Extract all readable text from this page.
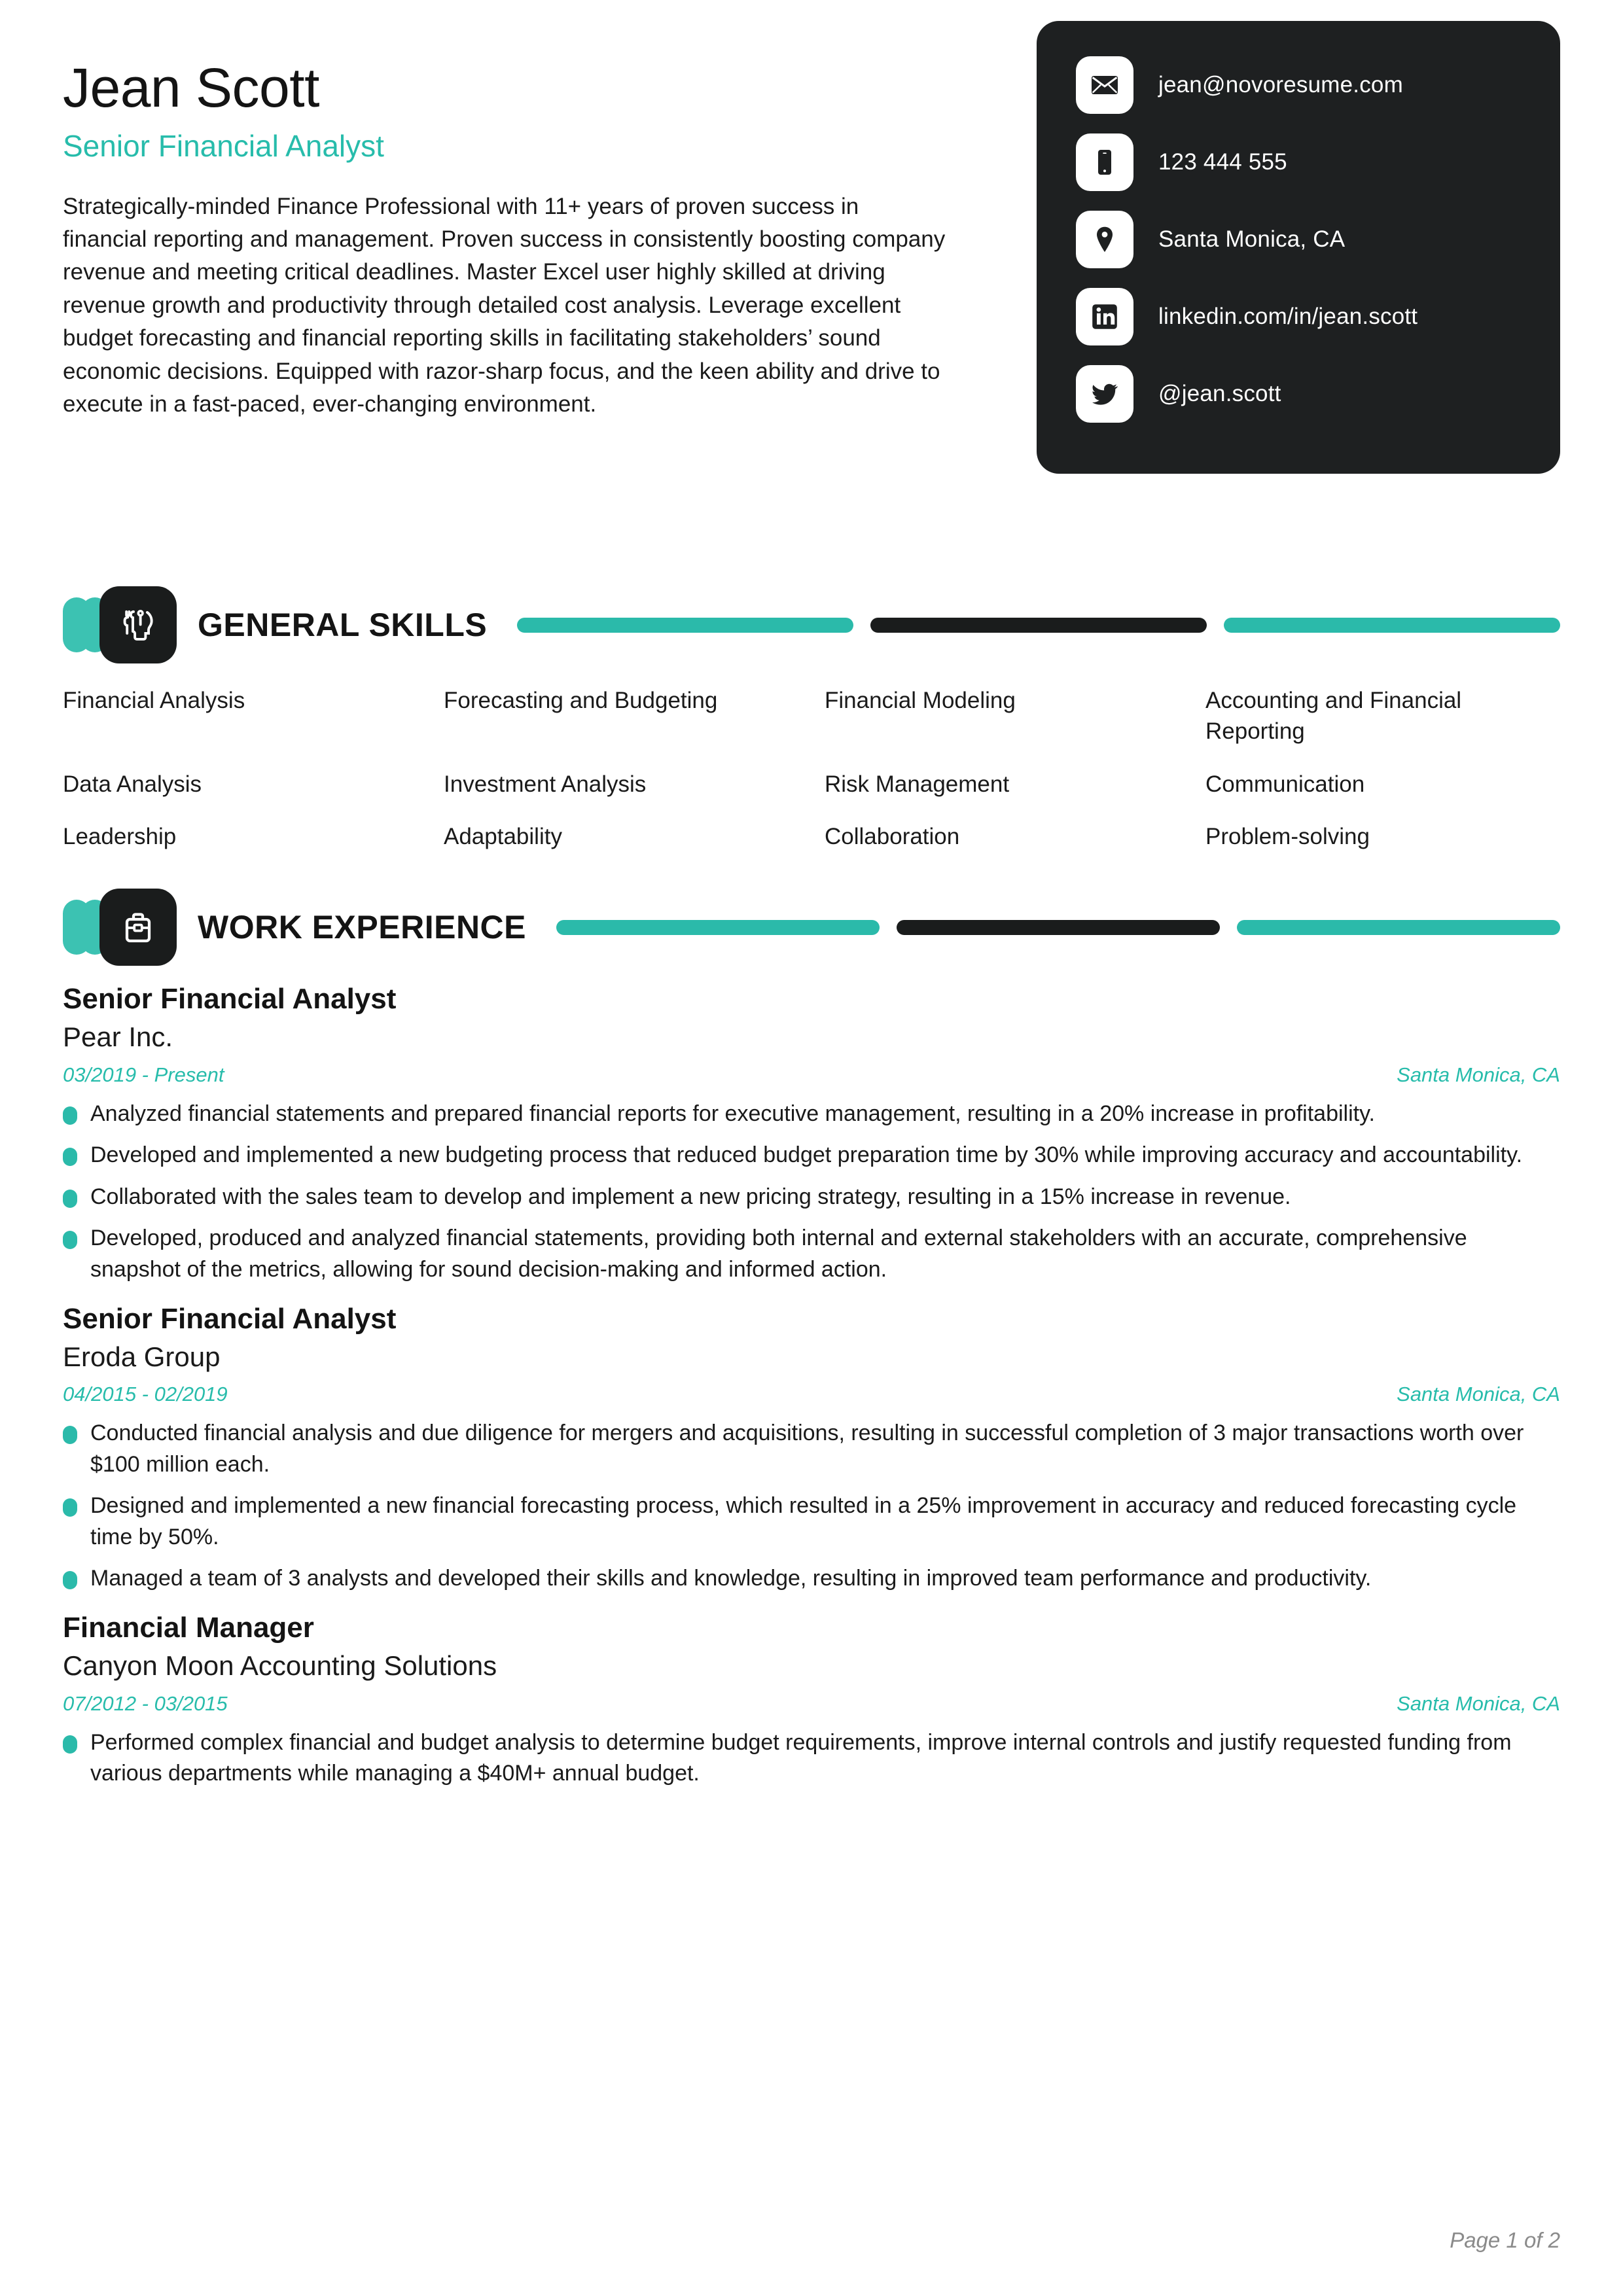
Jean Scott
Senior Financial Analyst

Strategically-minded Finance Professional with 11+ years of proven success in financial reporting and management. Proven success in consistently boosting company revenue and meeting critical deadlines. Master Excel user highly skilled at driving revenue growth and productivity through detailed cost analysis. Leverage excellent budget forecasting and financial reporting skills in facilitating stakeholders’ sound economic decisions. Equipped with razor-sharp focus, and the keen ability and drive to execute in a fast-paced, ever-changing environment.

jean@novoresume.com
123 444 555
Santa Monica, CA
linkedin.com/in/jean.scott
@jean.scott
GENERAL SKILLS
Financial Analysis	Forecasting and Budgeting	Financial Modeling	Accounting and Financial Reporting
Data Analysis	Investment Analysis	Risk Management	Communication
Leadership	Adaptability	Collaboration	Problem-solving
WORK EXPERIENCE
Senior Financial Analyst
Pear Inc.
03/2019 - Present	Santa Monica, CA
Analyzed financial statements and prepared financial reports for executive management, resulting in a 20% increase in profitability.
Developed and implemented a new budgeting process that reduced budget preparation time by 30% while improving accuracy and accountability.
Collaborated with the sales team to develop and implement a new pricing strategy, resulting in a 15% increase in revenue.
Developed, produced and analyzed financial statements, providing both internal and external stakeholders with an accurate, comprehensive snapshot of the metrics, allowing for sound decision-making and informed action.
Senior Financial Analyst
Eroda Group
04/2015 - 02/2019	Santa Monica, CA
Conducted financial analysis and due diligence for mergers and acquisitions, resulting in successful completion of 3 major transactions worth over $100 million each.
Designed and implemented a new financial forecasting process, which resulted in a 25% improvement in accuracy and reduced forecasting cycle time by 50%.
Managed a team of 3 analysts and developed their skills and knowledge, resulting in improved team performance and productivity.
Financial Manager
Canyon Moon Accounting Solutions
07/2012 - 03/2015	Santa Monica, CA
Performed complex financial and budget analysis to determine budget requirements, improve internal controls and justify requested funding from various departments while managing a $40M+ annual budget.
Page 1 of 2
